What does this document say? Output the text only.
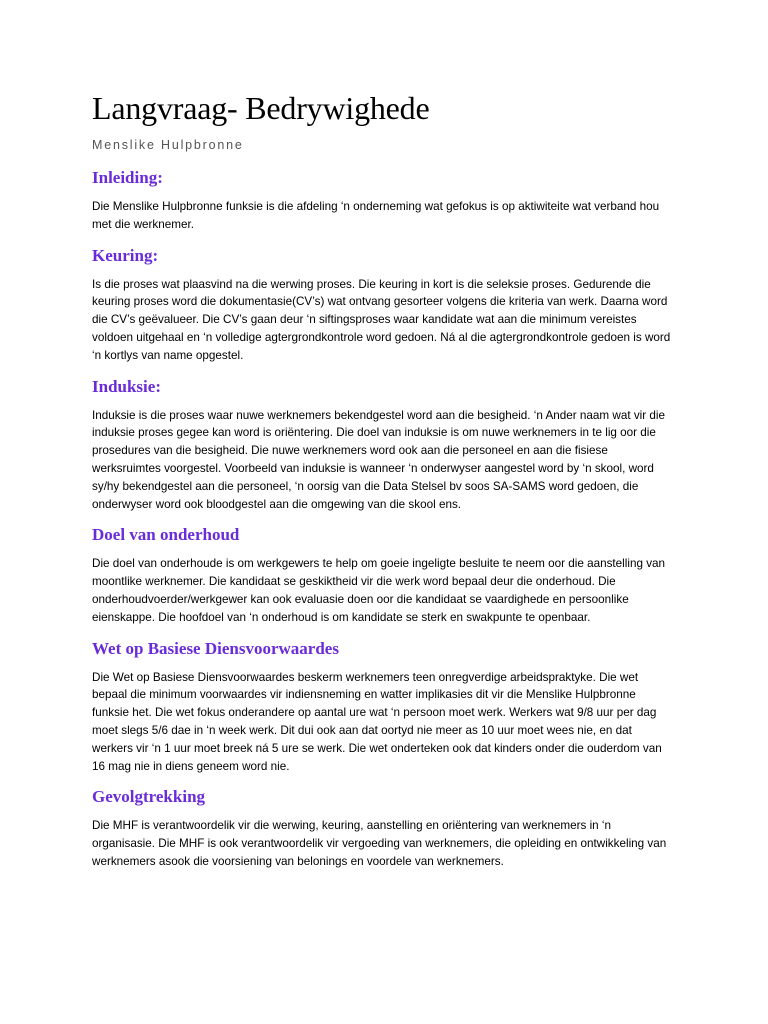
Langvraag- Bedrywighede
Menslike Hulpbronne
Inleiding:

Die Menslike Hulpbronne funksie is die afdeling ‘n onderneming wat gefokus is op aktiwiteite wat verband hou met die werknemer.

Keuring:

Is die proses wat plaasvind na die werwing proses. Die keuring in kort is die seleksie proses. Gedurende die keuring proses word die dokumentasie(CV’s) wat ontvang gesorteer volgens die kriteria van werk. Daarna word die CV’s geëvalueer. Die CV’s gaan deur ‘n siftingsproses waar kandidate wat aan die minimum vereistes voldoen uitgehaal en ‘n volledige agtergrondkontrole word gedoen. Ná al die agtergrondkontrole gedoen is word ‘n kortlys van name opgestel.

Induksie:

Induksie is die proses waar nuwe werknemers bekendgestel word aan die besigheid. ‘n Ander naam wat vir die induksie proses gegee kan word is oriëntering. Die doel van induksie is om nuwe werknemers in te lig oor die prosedures van die besigheid. Die nuwe werknemers word ook aan die personeel en aan die fisiese werksruimtes voorgestel. Voorbeeld van induksie is wanneer ‘n onderwyser aangestel word by ‘n skool, word sy/hy bekendgestel aan die personeel, ‘n oorsig van die Data Stelsel bv soos SA-SAMS word gedoen, die onderwyser word ook bloodgestel aan die omgewing van die skool ens.

Doel van onderhoud

Die doel van onderhoude is om werkgewers te help om goeie ingeligte besluite te neem oor die aanstelling van moontlike werknemer. Die kandidaat se geskiktheid vir die werk word bepaal deur die onderhoud. Die onderhoudvoerder/werkgewer kan ook evaluasie doen oor die kandidaat se vaardighede en persoonlike eienskappe. Die hoofdoel van ‘n onderhoud is om kandidate se sterk en swakpunte te openbaar.

Wet op Basiese Diensvoorwaardes

Die Wet op Basiese Diensvoorwaardes beskerm werknemers teen onregverdige arbeidspraktyke. Die wet bepaal die minimum voorwaardes vir indiensneming en watter implikasies dit vir die Menslike Hulpbronne funksie het. Die wet fokus onderandere op aantal ure wat ‘n persoon moet werk. Werkers wat 9/8 uur per dag moet slegs 5/6 dae in ‘n week werk. Dit dui ook aan dat oortyd nie meer as 10 uur moet wees nie, en dat werkers vir ‘n 1 uur moet breek ná 5 ure se werk. Die wet onderteken ook dat kinders onder die ouderdom van 16 mag nie in diens geneem word nie.

Gevolgtrekking

Die MHF is verantwoordelik vir die werwing, keuring, aanstelling en oriëntering van werknemers in ‘n organisasie. Die MHF is ook verantwoordelik vir vergoeding van werknemers, die opleiding en ontwikkeling van werknemers asook die voorsiening van belonings en voordele van werknemers.
